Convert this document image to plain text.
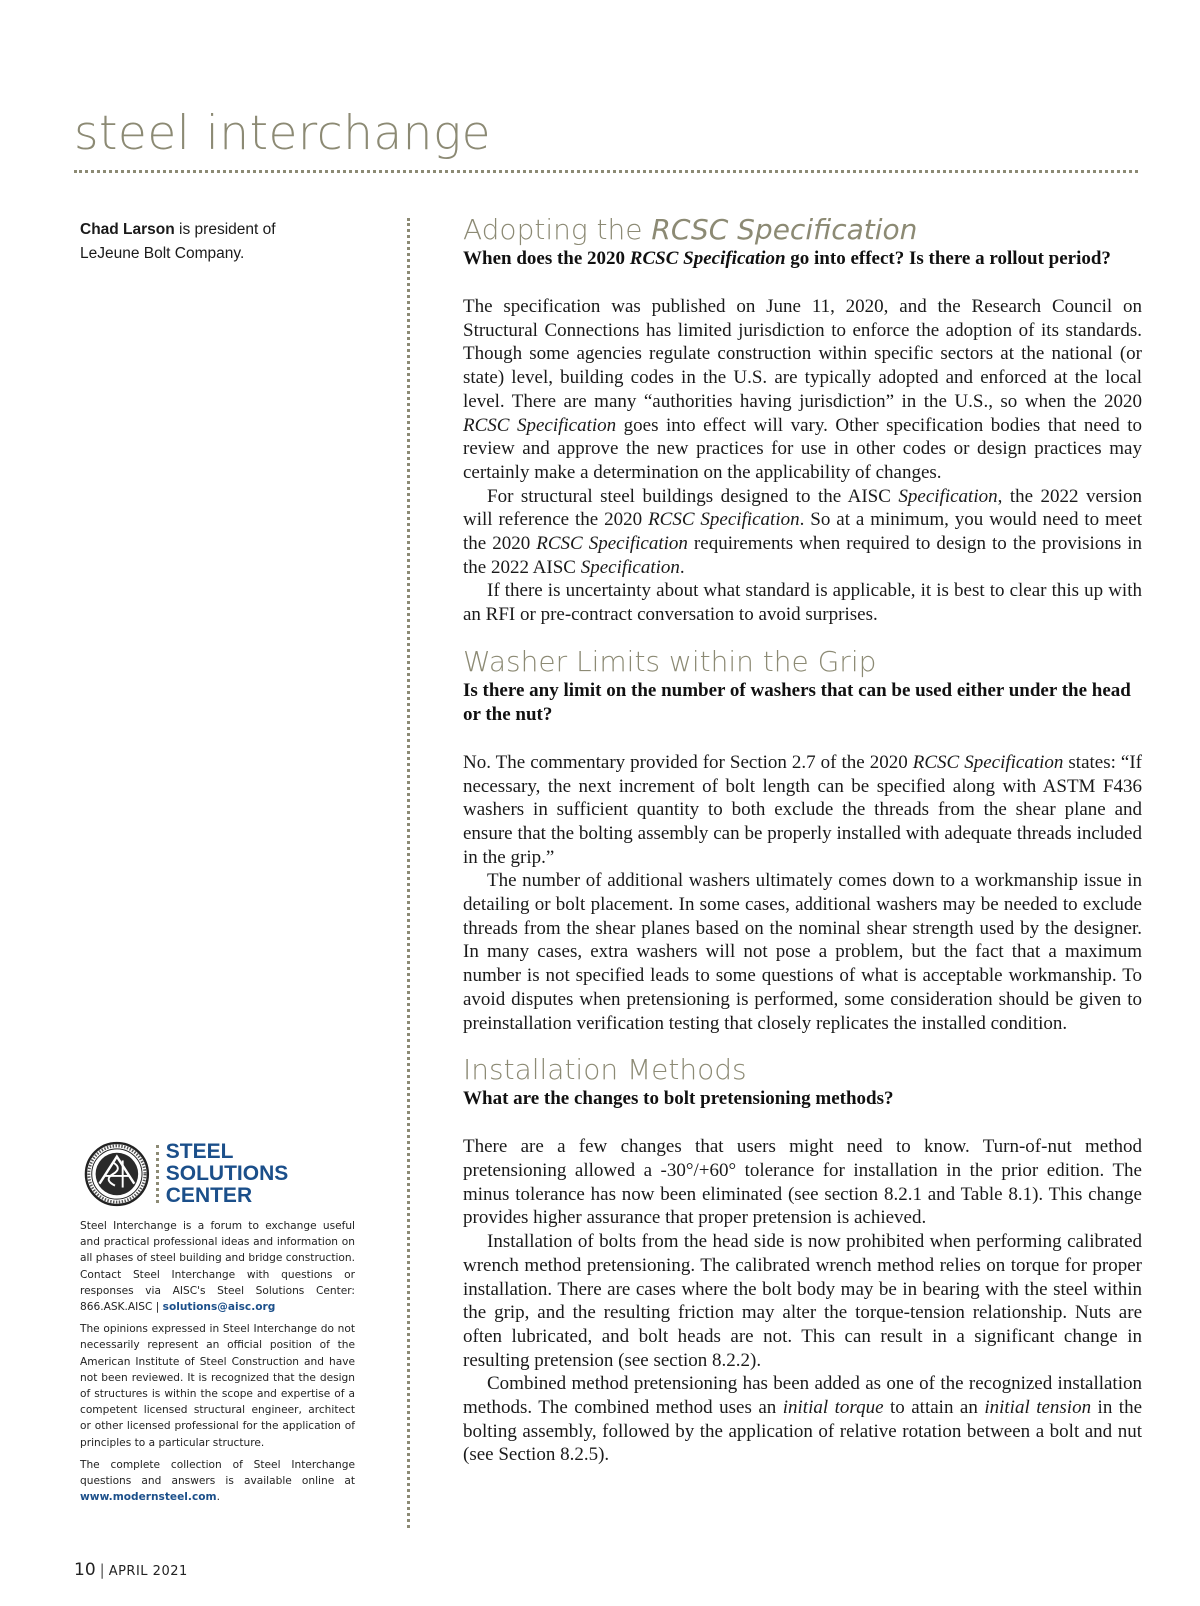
steel interchange
Chad Larson is president of
LeJeune Bolt Company.
STEEL SOLUTIONS
CENTER

Steel Interchange is a forum to exchange useful and practical professional ideas and information on all phases of steel building and bridge construction. Contact Steel Interchange with questions or responses via AISC's Steel Solutions Center: 866.ASK.AISC | solutions@aisc.org

The opinions expressed in Steel Interchange do not necessarily represent an official position of the American Institute of Steel Construction and have not been reviewed. It is recognized that the design of structures is within the scope and expertise of a competent licensed structural engineer, architect or other licensed professional for the application of principles to a particular structure.

The complete collection of Steel Interchange questions and answers is available online at www.modernsteel.com.

10 | APRIL 2021
Adopting the RCSC Specification

When does the 2020 RCSC Specification go into effect? Is there a rollout period?

The specification was published on June 11, 2020, and the Research Council on Structural Connections has limited jurisdiction to enforce the adoption of its standards. Though some agencies regulate construction within specific sectors at the national (or state) level, building codes in the U.S. are typically adopted and enforced at the local level. There are many “authorities having jurisdiction” in the U.S., so when the 2020 RCSC Specification goes into effect will vary. Other specification bodies that need to review and approve the new practices for use in other codes or design practices may certainly make a determination on the applicability of changes.

For structural steel buildings designed to the AISC Specification, the 2022 version will reference the 2020 RCSC Specification. So at a minimum, you would need to meet the 2020 RCSC Specification requirements when required to design to the provisions in the 2022 AISC Specification.

If there is uncertainty about what standard is applicable, it is best to clear this up with an RFI or pre-contract conversation to avoid surprises.

Washer Limits within the Grip

Is there any limit on the number of washers that can be used either under the head or the nut?

No. The commentary provided for Section 2.7 of the 2020 RCSC Specification states: “If necessary, the next increment of bolt length can be specified along with ASTM F436 washers in sufficient quantity to both exclude the threads from the shear plane and ensure that the bolting assembly can be properly installed with adequate threads included in the grip.”

The number of additional washers ultimately comes down to a workmanship issue in detailing or bolt placement. In some cases, additional washers may be needed to exclude threads from the shear planes based on the nominal shear strength used by the designer. In many cases, extra washers will not pose a problem, but the fact that a maximum number is not specified leads to some questions of what is acceptable workmanship. To avoid disputes when pretensioning is performed, some consideration should be given to preinstallation verification testing that closely replicates the installed condition.

Installation Methods

What are the changes to bolt pretensioning methods?

There are a few changes that users might need to know. Turn-of-nut method pretensioning allowed a -30°/+60° tolerance for installation in the prior edition. The minus tolerance has now been eliminated (see section 8.2.1 and Table 8.1). This change provides higher assurance that proper pretension is achieved.

Installation of bolts from the head side is now prohibited when performing calibrated wrench method pretensioning. The calibrated wrench method relies on torque for proper installation. There are cases where the bolt body may be in bearing with the steel within the grip, and the resulting friction may alter the torque-tension relationship. Nuts are often lubricated, and bolt heads are not. This can result in a significant change in resulting pretension (see section 8.2.2).

Combined method pretensioning has been added as one of the recognized installation methods. The combined method uses an initial torque to attain an initial tension in the bolting assembly, followed by the application of relative rotation between a bolt and nut (see Section 8.2.5).
